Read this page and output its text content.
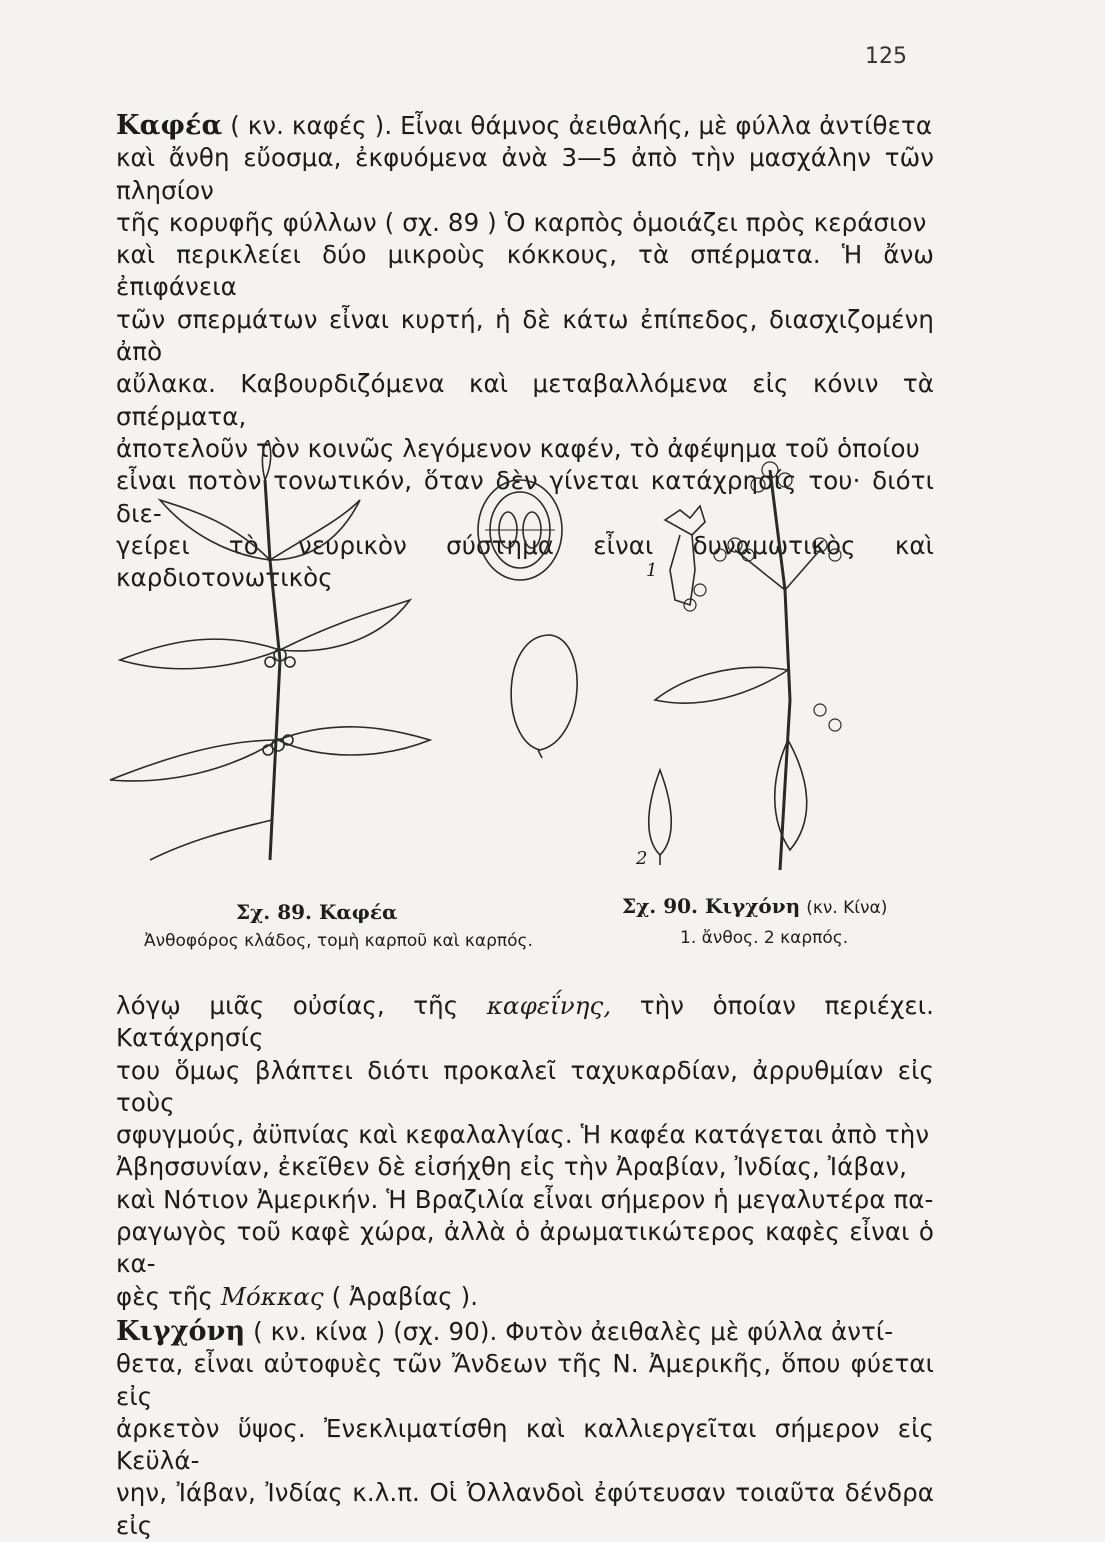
125
Καφέα ( κν. καφές ). Εἶναι θάμνος ἀειθαλής, μὲ φύλλα ἀντίθετα
καὶ ἄνθη εὔοσμα, ἐκφυόμενα ἀνὰ 3—5 ἀπὸ τὴν μασχάλην τῶν πλησίον
τῆς κορυφῆς φύλλων ( σχ. 89 ) Ὁ καρπὸς ὁμοιάζει πρὸς κεράσιον
καὶ περικλείει δύο μικροὺς κόκκους, τὰ σπέρματα. Ἡ ἄνω ἐπιφάνεια
τῶν σπερμάτων εἶναι κυρτή, ἡ δὲ κάτω ἐπίπεδος, διασχιζομένη ἀπὸ
αὔλακα. Καβουρδιζόμενα καὶ μεταβαλλόμενα εἰς κόνιν τὰ σπέρματα,
ἀποτελοῦν τὸν κοινῶς λεγόμενον καφέν, τὸ ἀφέψημα τοῦ ὁποίου
εἶναι ποτὸν τονωτικόν, ὅταν δὲν γίνεται κατάχρησίς του· διότι διε-
γείρει τὸ νευρικὸν σύστημα εἶναι δυναμωτικὸς καὶ καρδιοτονωτικὸς	1
2
Σχ. 89. Καφέα
Ἀνθοφόρος κλάδος, τομὴ καρποῦ καὶ καρπός.
Σχ. 90. Κιγχόνη (κν. Κίνα)
1. ἄνθος. 2 καρπός.
λόγῳ μιᾶς οὐσίας, τῆς καφεΐνης, τὴν ὁποίαν περιέχει. Κατάχρησίς
του ὅμως βλάπτει διότι προκαλεῖ ταχυκαρδίαν, ἀρρυθμίαν εἰς τοὺς
σφυγμούς, ἀϋπνίας καὶ κεφαλαλγίας. Ἡ καφέα κατάγεται ἀπὸ τὴν
Ἀβησσυνίαν, ἐκεῖθεν δὲ εἰσήχθη εἰς τὴν Ἀραβίαν, Ἰνδίας, Ἰάβαν,
καὶ Νότιον Ἀμερικήν. Ἡ Βραζιλία εἶναι σήμερον ἡ μεγαλυτέρα πα-
ραγωγὸς τοῦ καφὲ χώρα, ἀλλὰ ὁ ἀρωματικώτερος καφὲς εἶναι ὁ κα-
φὲς τῆς Μόκκας ( Ἀραβίας ).
Κιγχόνη ( κν. κίνα ) (σχ. 90). Φυτὸν ἀειθαλὲς μὲ φύλλα ἀντί-
θετα, εἶναι αὐτοφυὲς τῶν Ἄνδεων τῆς Ν. Ἀμερικῆς, ὅπου φύεται εἰς
ἀρκετὸν ὕψος. Ἐνεκλιματίσθη καὶ καλλιεργεῖται σήμερον εἰς Κεϋλά-
νην, Ἰάβαν, Ἰνδίας κ.λ.π. Οἱ Ὀλλανδοὶ ἐφύτευσαν τοιαῦτα δένδρα εἰς
